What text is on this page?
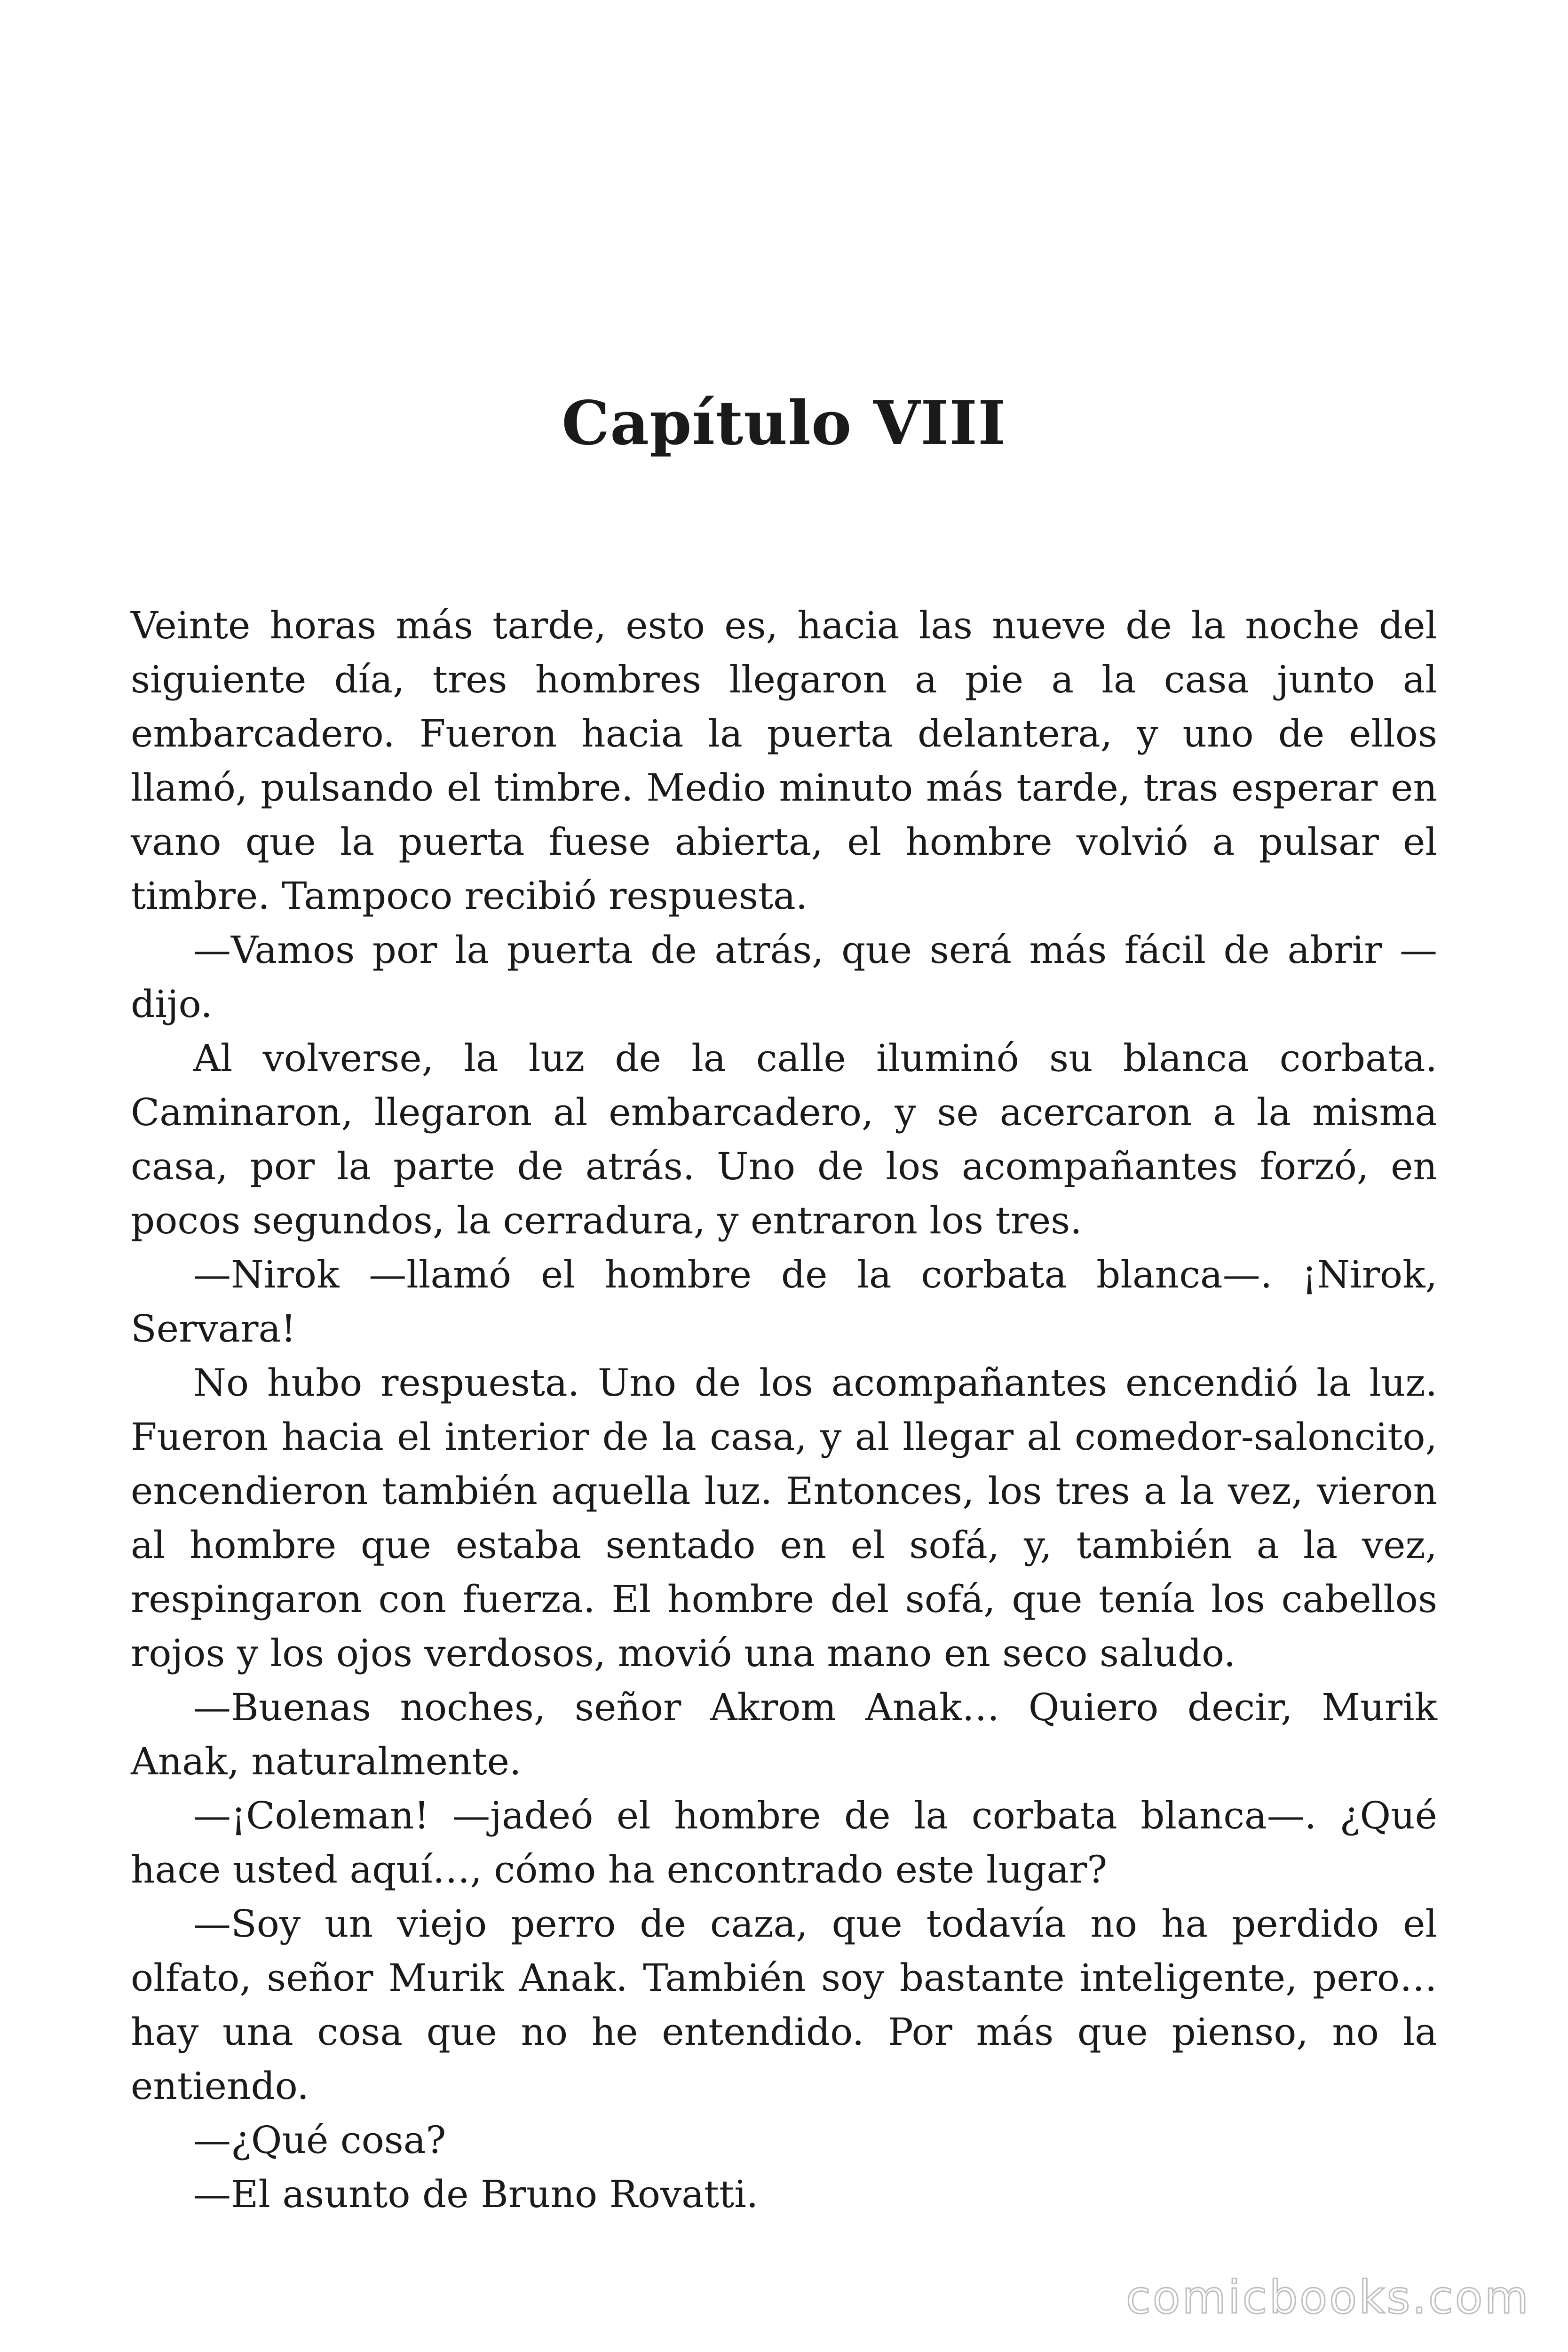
Capítulo VIII

Veinte horas más tarde, esto es, hacia las nueve de la noche del siguiente día, tres hombres llegaron a pie a la casa junto al embarcadero. Fueron hacia la puerta delantera, y uno de ellos llamó, pulsando el timbre. Medio minuto más tarde, tras esperar en vano que la puerta fuese abierta, el hombre volvió a pulsar el timbre. Tampoco recibió respuesta.

—Vamos por la puerta de atrás, que será más fácil de abrir —dijo.

Al volverse, la luz de la calle iluminó su blanca corbata. Caminaron, llegaron al embarcadero, y se acercaron a la misma casa, por la parte de atrás. Uno de los acompañantes forzó, en pocos segundos, la cerradura, y entraron los tres.

—Nirok —llamó el hombre de la corbata blanca—. ¡Nirok, Servara!

No hubo respuesta. Uno de los acompañantes encendió la luz. Fueron hacia el interior de la casa, y al llegar al comedor-saloncito, encendieron también aquella luz. Entonces, los tres a la vez, vieron al hombre que estaba sentado en el sofá, y, también a la vez, respingaron con fuerza. El hombre del sofá, que tenía los cabellos rojos y los ojos verdosos, movió una mano en seco saludo.

—Buenas noches, señor Akrom Anak… Quiero decir, Murik Anak, naturalmente.

—¡Coleman! —jadeó el hombre de la corbata blanca—. ¿Qué hace usted aquí…, cómo ha encontrado este lugar?

—Soy un viejo perro de caza, que todavía no ha perdido el olfato, señor Murik Anak. También soy bastante inteligente, pero… hay una cosa que no he entendido. Por más que pienso, no la entiendo.

—¿Qué cosa?

—El asunto de Bruno Rovatti.

comicbooks.com
